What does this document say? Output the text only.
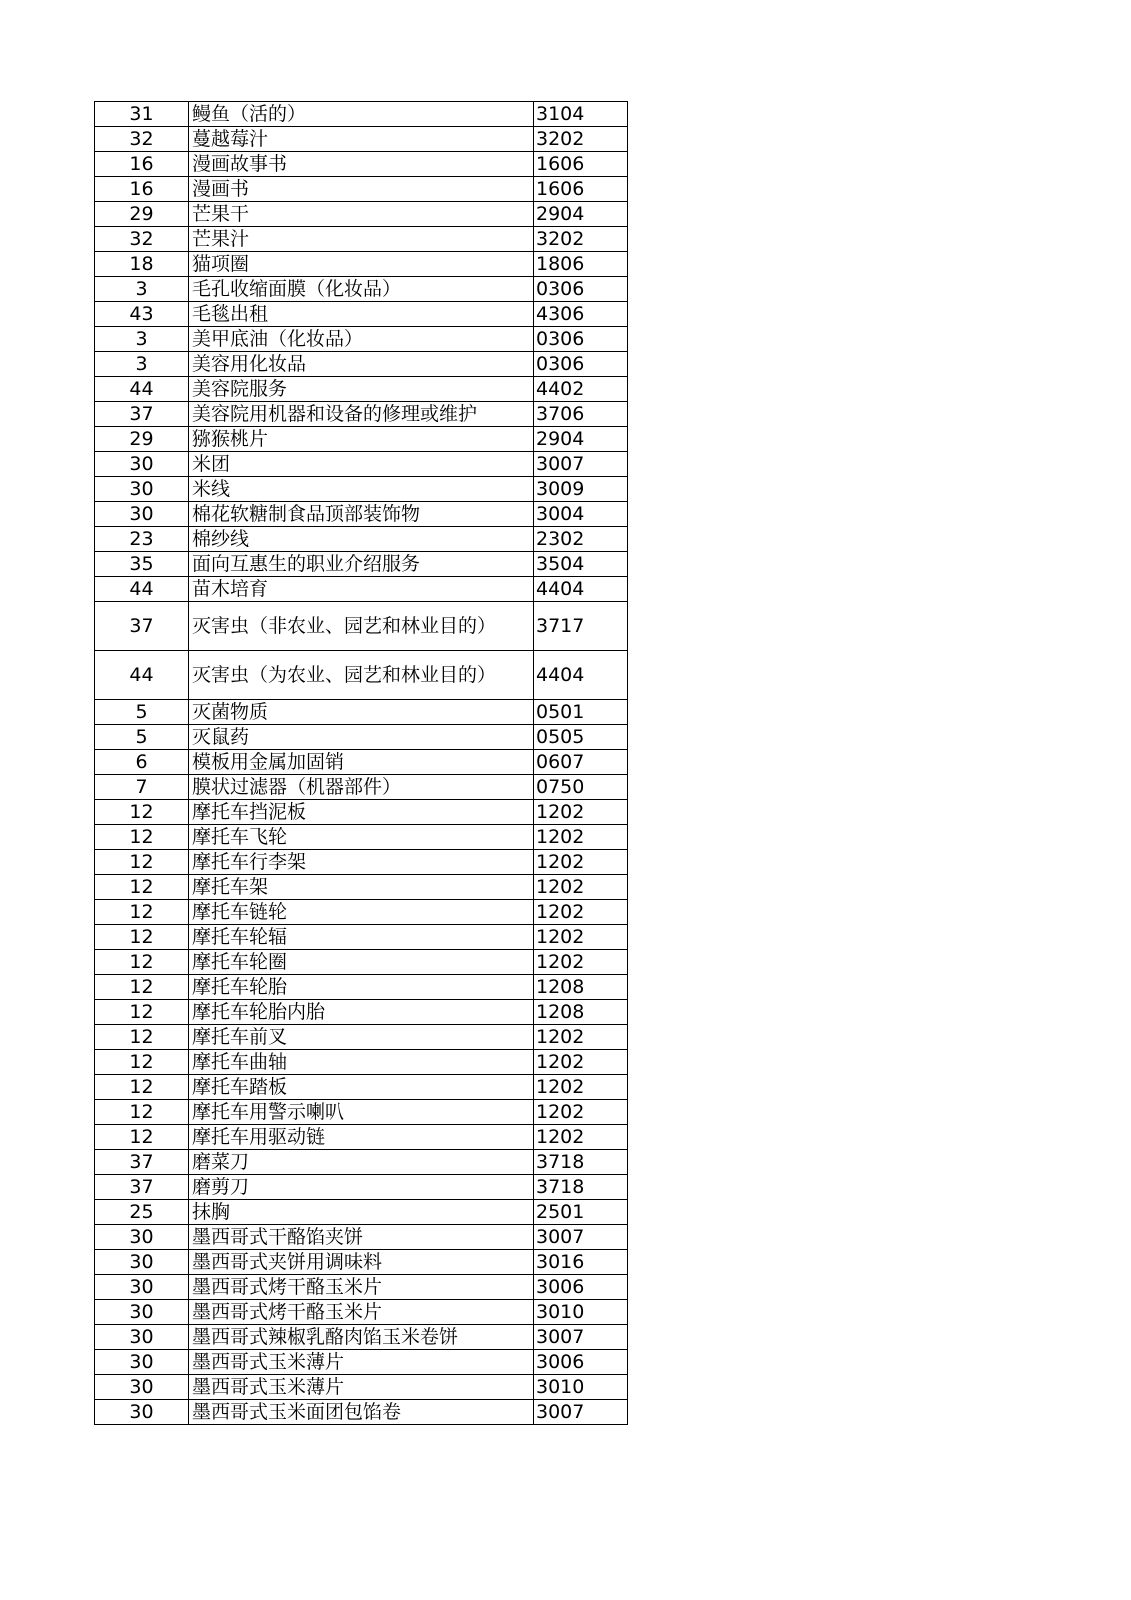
31	鳗鱼（活的）	3104
32	蔓越莓汁	3202
16	漫画故事书	1606
16	漫画书	1606
29	芒果干	2904
32	芒果汁	3202
18	猫项圈	1806
3	毛孔收缩面膜（化妆品）	0306
43	毛毯出租	4306
3	美甲底油（化妆品）	0306
3	美容用化妆品	0306
44	美容院服务	4402
37	美容院用机器和设备的修理或维护	3706
29	猕猴桃片	2904
30	米团	3007
30	米线	3009
30	棉花软糖制食品顶部装饰物	3004
23	棉纱线	2302
35	面向互惠生的职业介绍服务	3504
44	苗木培育	4404
37	灭害虫（非农业、园艺和林业目的）	3717
44	灭害虫（为农业、园艺和林业目的）	4404
5	灭菌物质	0501
5	灭鼠药	0505
6	模板用金属加固销	0607
7	膜状过滤器（机器部件）	0750
12	摩托车挡泥板	1202
12	摩托车飞轮	1202
12	摩托车行李架	1202
12	摩托车架	1202
12	摩托车链轮	1202
12	摩托车轮辐	1202
12	摩托车轮圈	1202
12	摩托车轮胎	1208
12	摩托车轮胎内胎	1208
12	摩托车前叉	1202
12	摩托车曲轴	1202
12	摩托车踏板	1202
12	摩托车用警示喇叭	1202
12	摩托车用驱动链	1202
37	磨菜刀	3718
37	磨剪刀	3718
25	抹胸	2501
30	墨西哥式干酪馅夹饼	3007
30	墨西哥式夹饼用调味料	3016
30	墨西哥式烤干酪玉米片	3006
30	墨西哥式烤干酪玉米片	3010
30	墨西哥式辣椒乳酪肉馅玉米卷饼	3007
30	墨西哥式玉米薄片	3006
30	墨西哥式玉米薄片	3010
30	墨西哥式玉米面团包馅卷	3007
